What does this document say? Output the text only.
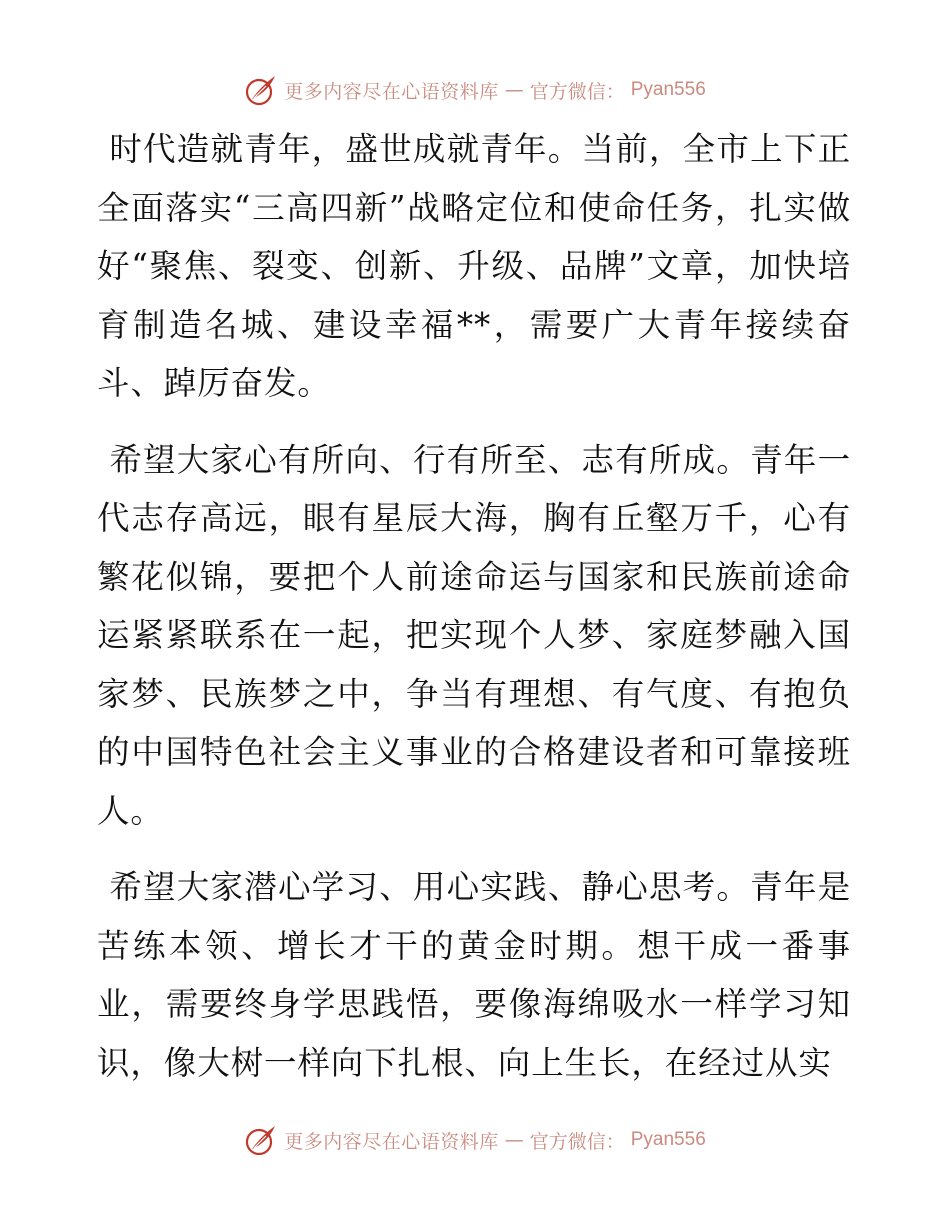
更多内容尽在心语资料库 — 官方微信： Pyan556

时代造就青年，盛世成就青年。当前，全市上下正全面落实“三高四新”战略定位和使命任务，扎实做好“聚焦、裂变、创新、升级、品牌”文章，加快培育制造名城、建设幸福**，需要广大青年接续奋斗、踔厉奋发。

希望大家心有所向、行有所至、志有所成。青年一代志存高远，眼有星辰大海，胸有丘壑万千，心有繁花似锦，要把个人前途命运与国家和民族前途命运紧紧联系在一起，把实现个人梦、家庭梦融入国家梦、民族梦之中，争当有理想、有气度、有抱负的中国特色社会主义事业的合格建设者和可靠接班人。

希望大家潜心学习、用心实践、静心思考。青年是苦练本领、增长才干的黄金时期。想干成一番事业，需要终身学思践悟，要像海绵吸水一样学习知识，像大树一样向下扎根、向上生长，在经过从实

更多内容尽在心语资料库 — 官方微信： Pyan556
